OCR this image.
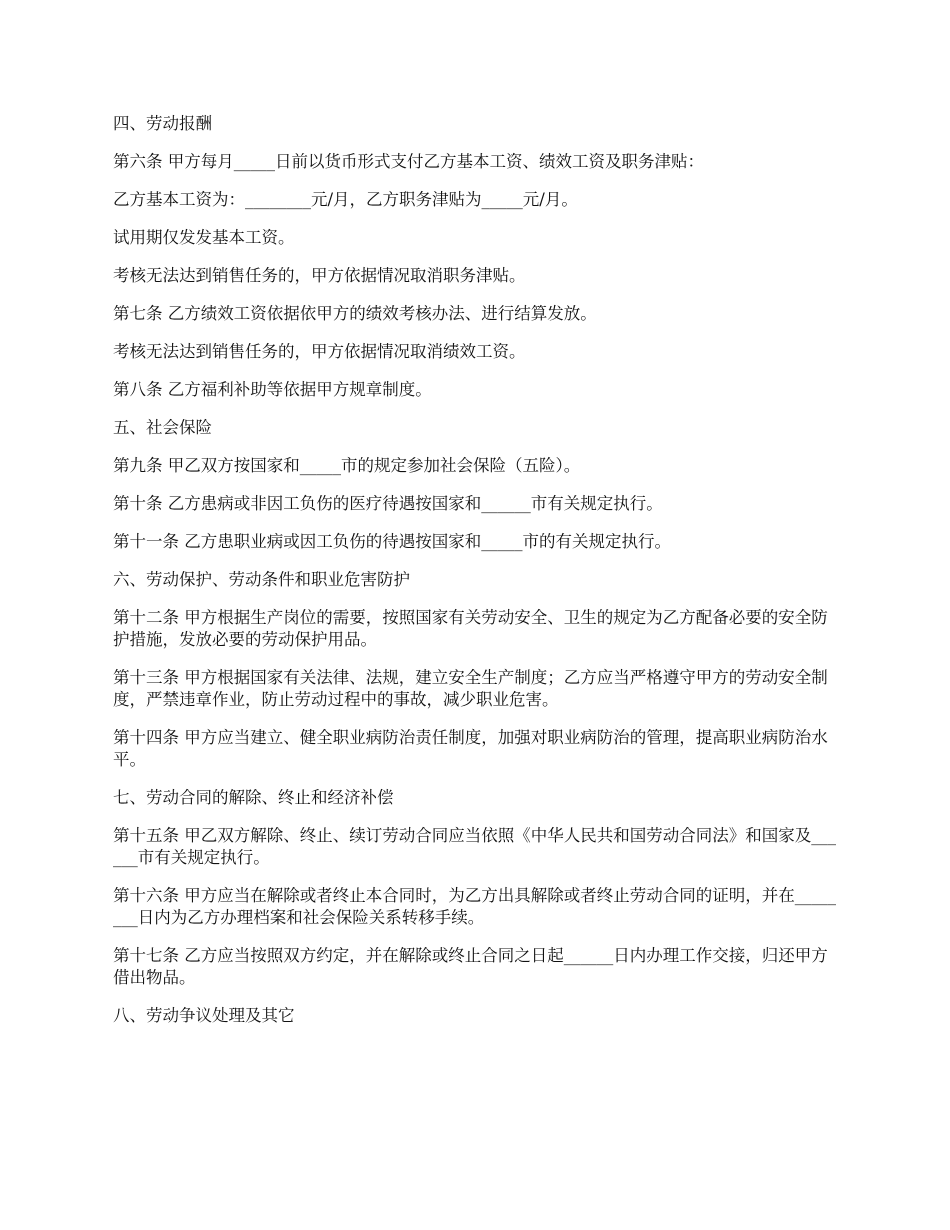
四、劳动报酬

第六条 甲方每月_____日前以货币形式支付乙方基本工资、绩效工资及职务津贴：

乙方基本工资为：________元/月，乙方职务津贴为_____元/月。

试用期仅发发基本工资。

考核无法达到销售任务的，甲方依据情况取消职务津贴。

第七条 乙方绩效工资依据依甲方的绩效考核办法、进行结算发放。

考核无法达到销售任务的，甲方依据情况取消绩效工资。

第八条 乙方福利补助等依据甲方规章制度。

五、社会保险

第九条 甲乙双方按国家和_____市的规定参加社会保险（五险）。

第十条 乙方患病或非因工负伤的医疗待遇按国家和______市有关规定执行。

第十一条 乙方患职业病或因工负伤的待遇按国家和_____市的有关规定执行。

六、劳动保护、劳动条件和职业危害防护

第十二条 甲方根据生产岗位的需要，按照国家有关劳动安全、卫生的规定为乙方配备必要的安全防护措施，发放必要的劳动保护用品。

第十三条 甲方根据国家有关法律、法规，建立安全生产制度；乙方应当严格遵守甲方的劳动安全制度，严禁违章作业，防止劳动过程中的事故，减少职业危害。

第十四条 甲方应当建立、健全职业病防治责任制度，加强对职业病防治的管理，提高职业病防治水平。

七、劳动合同的解除、终止和经济补偿

第十五条 甲乙双方解除、终止、续订劳动合同应当依照《中华人民共和国劳动合同法》和国家及______市有关规定执行。

第十六条 甲方应当在解除或者终止本合同时，为乙方出具解除或者终止劳动合同的证明，并在________日内为乙方办理档案和社会保险关系转移手续。

第十七条 乙方应当按照双方约定，并在解除或终止合同之日起______日内办理工作交接，归还甲方借出物品。

八、劳动争议处理及其它
